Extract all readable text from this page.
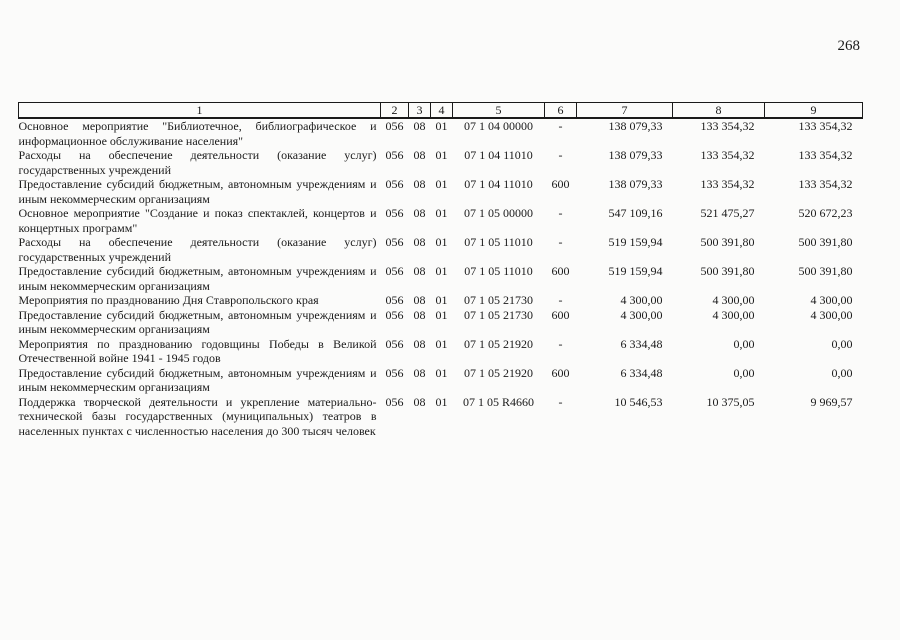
268
1	2	3	4	5	6	7	8	9
Основное мероприятие "Библиотечное, библиографическое и информационное обслуживание населения"	056	08	01	07 1 04 00000	-	138 079,33	133 354,32	133 354,32
Расходы на обеспечение деятельности (оказание услуг) государственных учреждений	056	08	01	07 1 04 11010	-	138 079,33	133 354,32	133 354,32
Предоставление субсидий бюджетным, автономным учреждениям и иным некоммерческим организациям	056	08	01	07 1 04 11010	600	138 079,33	133 354,32	133 354,32
Основное мероприятие "Создание и показ спектаклей, концертов и концертных программ"	056	08	01	07 1 05 00000	-	547 109,16	521 475,27	520 672,23
Расходы на обеспечение деятельности (оказание услуг) государственных учреждений	056	08	01	07 1 05 11010	-	519 159,94	500 391,80	500 391,80
Предоставление субсидий бюджетным, автономным учреждениям и иным некоммерческим организациям	056	08	01	07 1 05 11010	600	519 159,94	500 391,80	500 391,80
Мероприятия по празднованию Дня Ставропольского края	056	08	01	07 1 05 21730	-	4 300,00	4 300,00	4 300,00
Предоставление субсидий бюджетным, автономным учреждениям и иным некоммерческим организациям	056	08	01	07 1 05 21730	600	4 300,00	4 300,00	4 300,00
Мероприятия по празднованию годовщины Победы в Великой Отечественной войне 1941 - 1945 годов	056	08	01	07 1 05 21920	-	6 334,48	0,00	0,00
Предоставление субсидий бюджетным, автономным учреждениям и иным некоммерческим организациям	056	08	01	07 1 05 21920	600	6 334,48	0,00	0,00
Поддержка творческой деятельности и укрепление материально-технической базы государственных (муниципальных) театров в населенных пунктах с численностью населения до 300 тысяч человек	056	08	01	07 1 05 R4660	-	10 546,53	10 375,05	9 969,57
